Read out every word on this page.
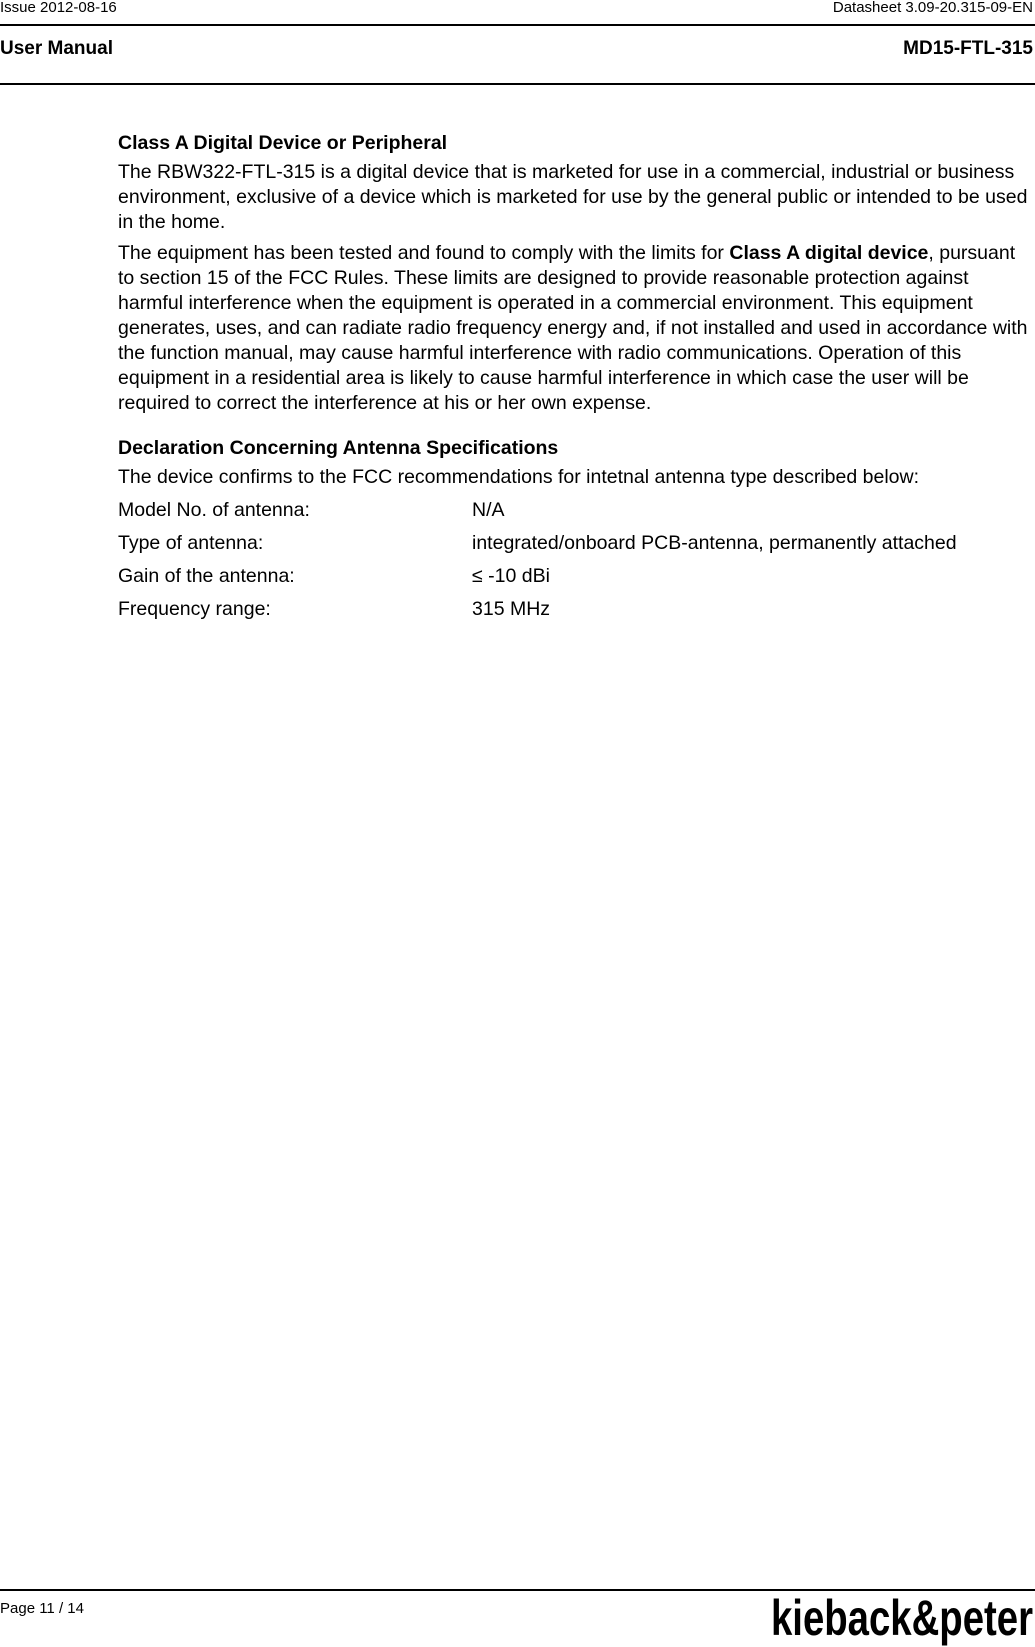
Issue 2012-08-16	Datasheet 3.09-20.315-09-EN
User Manual	MD15-FTL-315
Class A Digital Device or Peripheral

The RBW322-FTL-315 is a digital device that is marketed for use in a commercial, industrial or business environment, exclusive of a device which is marketed for use by the general public or intended to be used in the home.

The equipment has been tested and found to comply with the limits for Class A digital device, pursuant to section 15 of the FCC Rules. These limits are designed to provide reasonable protection against harmful interference when the equipment is operated in a commercial environment. This equipment generates, uses, and can radiate radio frequency energy and, if not installed and used in accordance with the function manual, may cause harmful interference with radio communications. Operation of this equipment in a residential area is likely to cause harmful interference in which case the user will be required to correct the interference at his or her own expense.

Declaration Concerning Antenna Specifications

The device confirms to the FCC recommendations for intetnal antenna type described below:

Model No. of antenna:	N/A
Type of antenna:	integrated/onboard PCB-antenna, permanently attached
Gain of the antenna:	≤ -10 dBi
Frequency range:	315 MHz
Page 11 / 14	kieback&peter
